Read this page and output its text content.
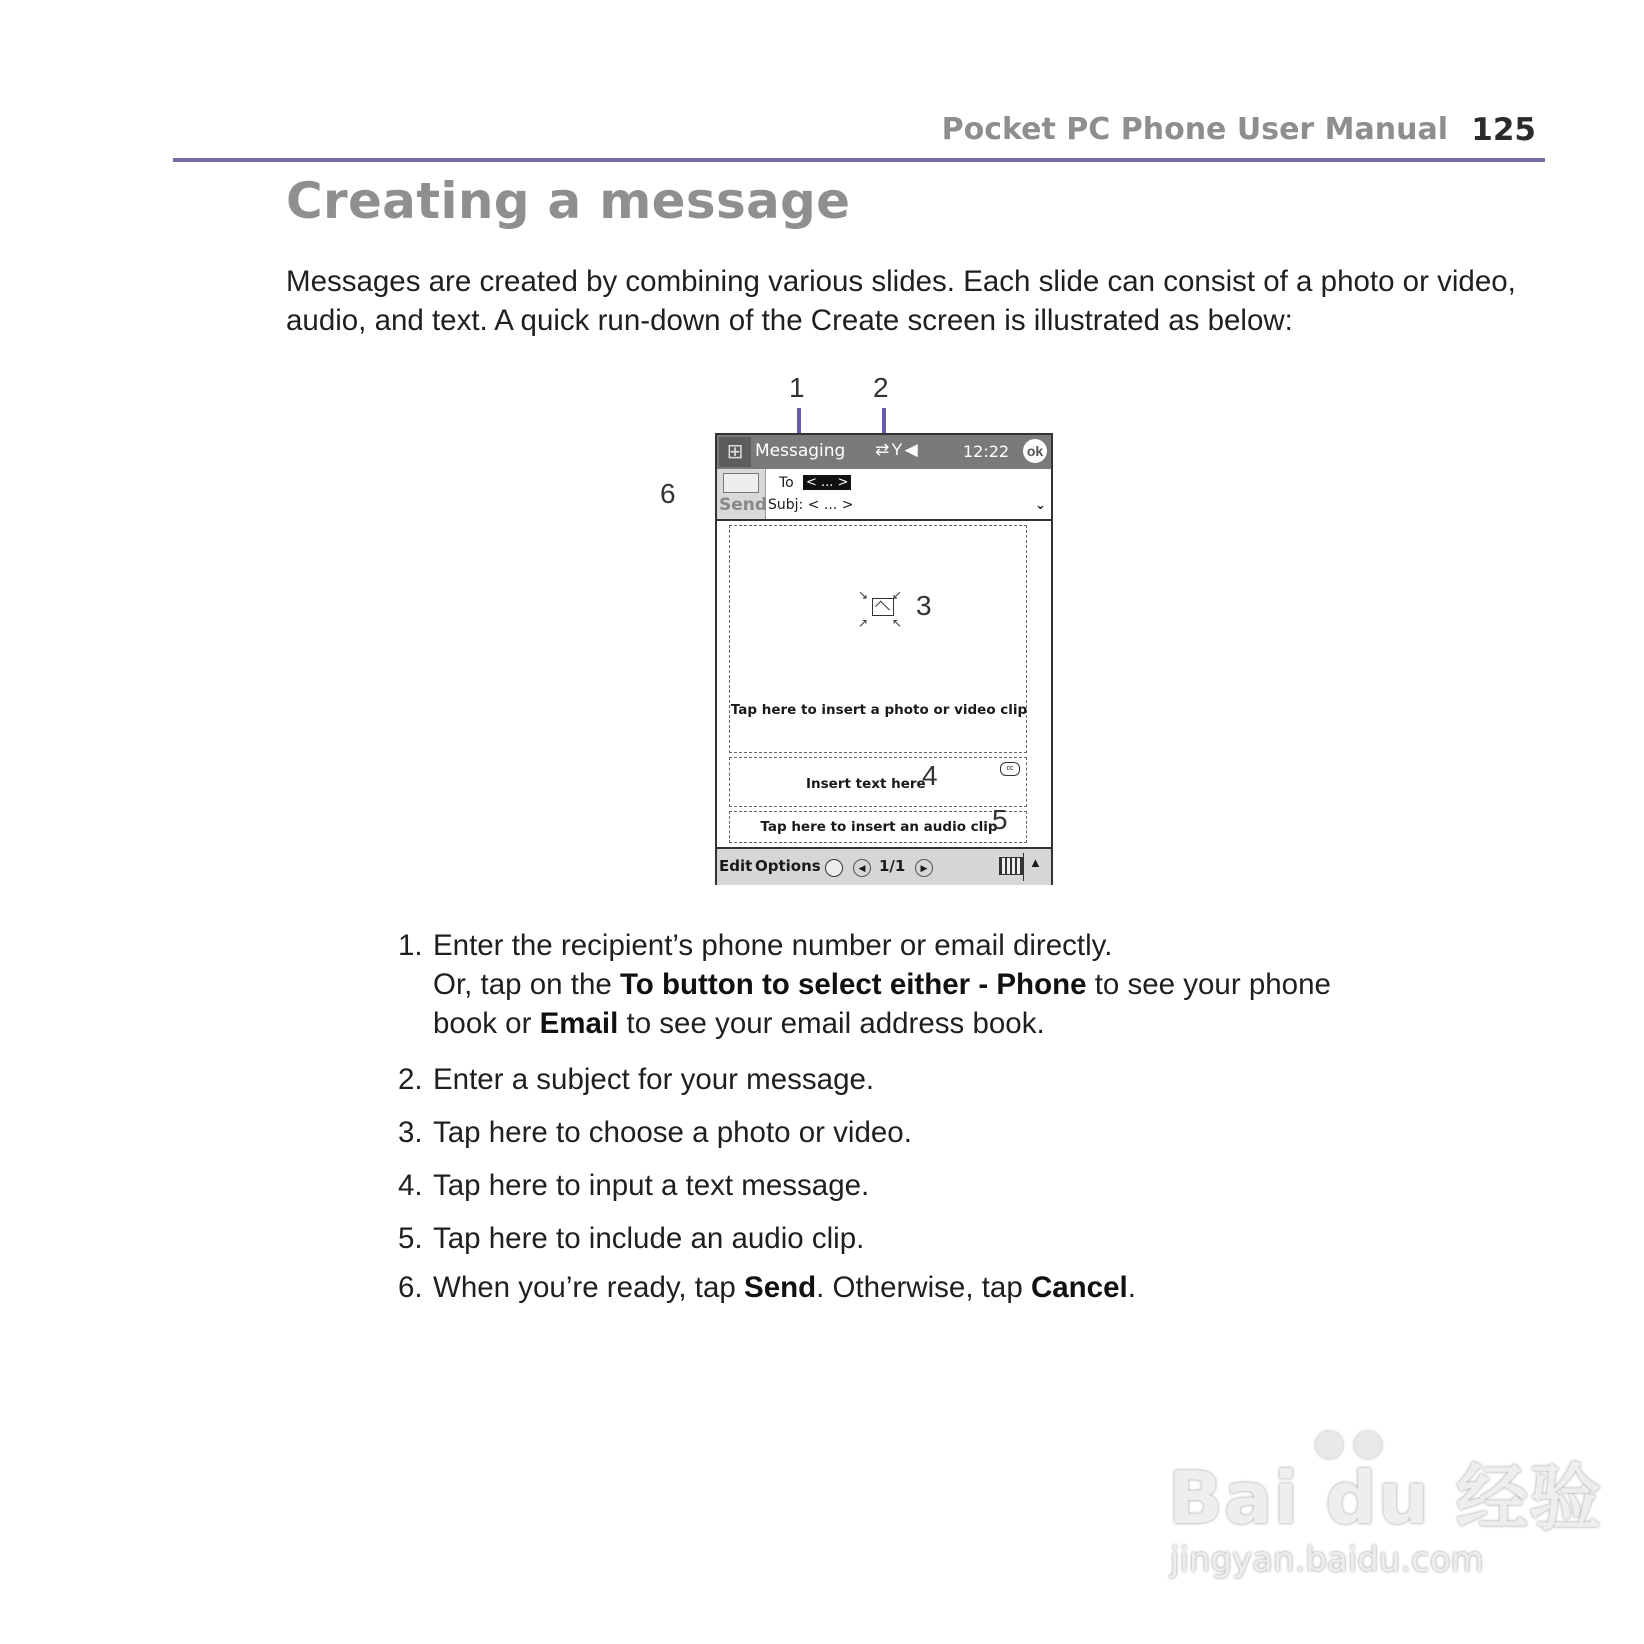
Pocket PC Phone User Manual 125
Creating a message
Messages are created by combining various slides. Each slide can consist of a photo or video, audio, and text. A quick run-down of the Create screen is illustrated as below:
1 2
6
⊞ Messaging ⇄Y◀	12:22 ok
Send
To < ... >
Subj: < ... >	⌄
↘ ↙
↗ ↖
3
Tap here to insert a photo or video clip
Insert text here
4	cc
Tap here to insert an audio clip
5
Edit Options	◀ 1/1	▶	▲
1. Enter the recipient’s phone number or email directly.
Or, tap on the To button to select either - Phone to see your phone
book or Email to see your email address book.
2. Enter a subject for your message.
3. Tap here to choose a photo or video.
4. Tap here to input a text message.
5. Tap here to include an audio clip.
6. When you’re ready, tap Send. Otherwise, tap Cancel.
●●
Bai du 经验
jingyan.baidu.com
